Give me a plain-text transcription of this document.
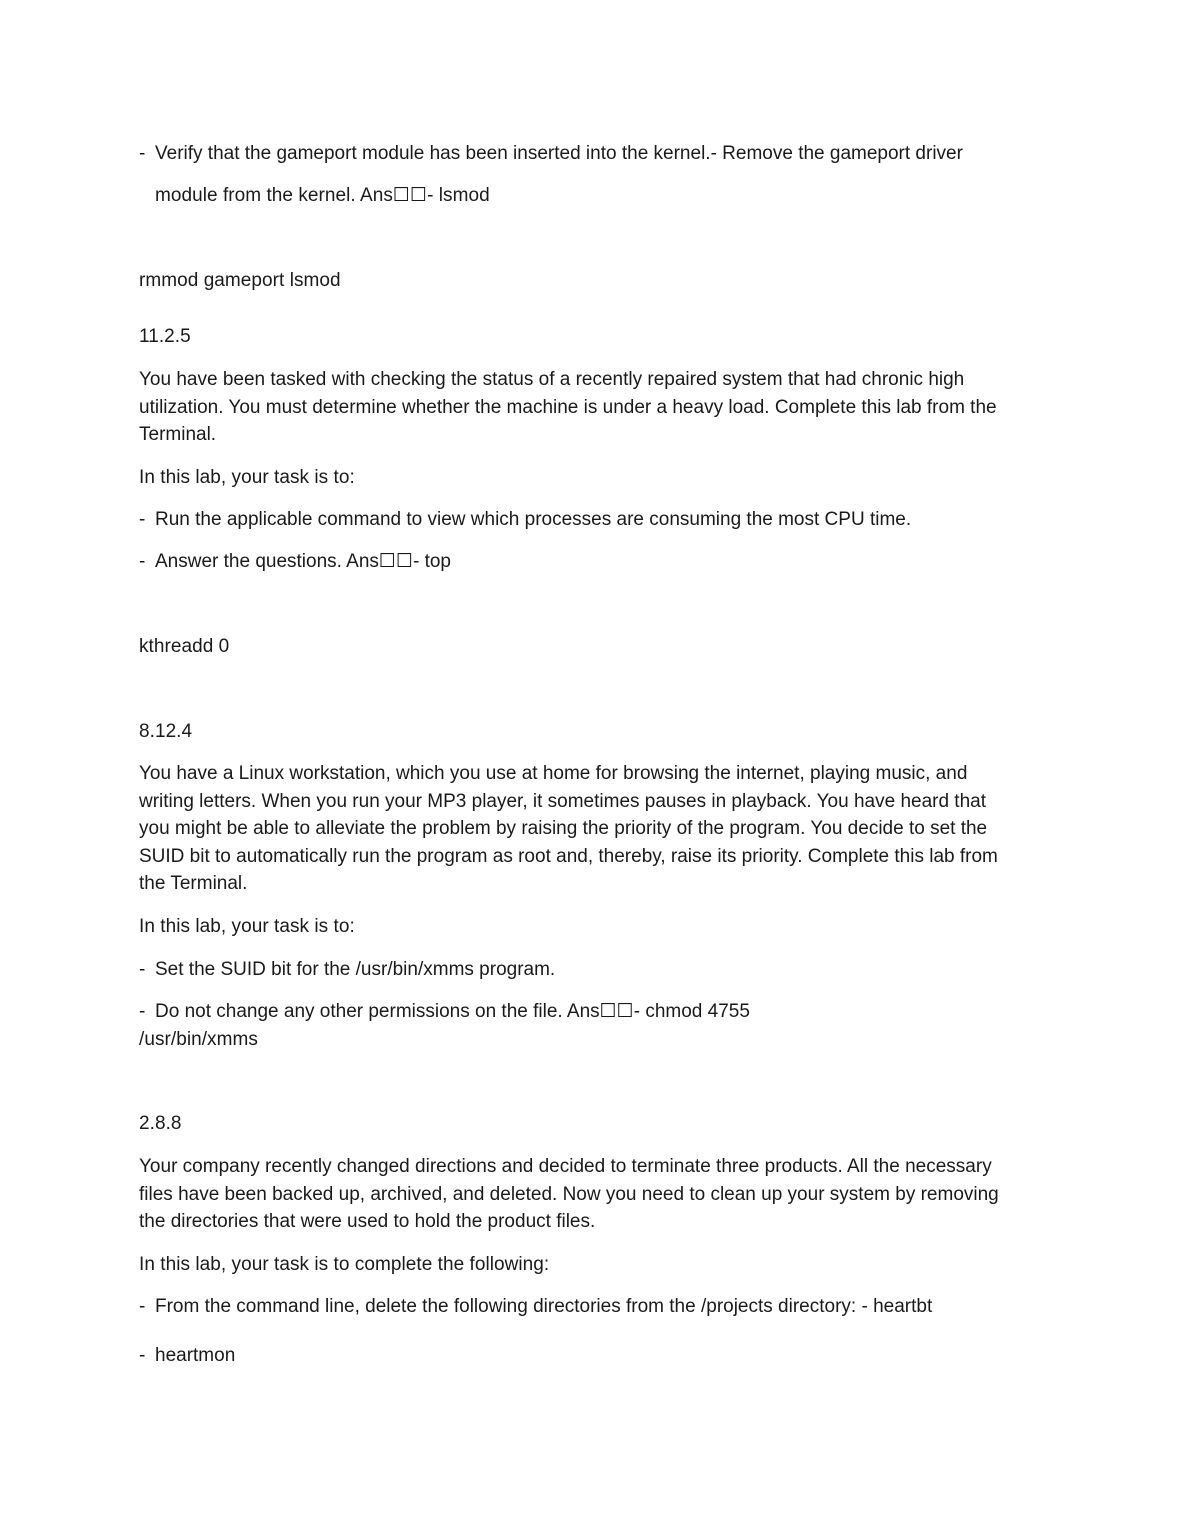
- Verify that the gameport module has been inserted into the kernel.- Remove the gameport driver

module from the kernel. Ans☐☐- lsmod

rmmod gameport lsmod

11.2.5

You have been tasked with checking the status of a recently repaired system that had chronic high
utilization. You must determine whether the machine is under a heavy load. Complete this lab from the
Terminal.

In this lab, your task is to:

- Run the applicable command to view which processes are consuming the most CPU time.
- Answer the questions. Ans☐☐- top

kthreadd 0

8.12.4

You have a Linux workstation, which you use at home for browsing the internet, playing music, and
writing letters. When you run your MP3 player, it sometimes pauses in playback. You have heard that
you might be able to alleviate the problem by raising the priority of the program. You decide to set the
SUID bit to automatically run the program as root and, thereby, raise its priority. Complete this lab from
the Terminal.

In this lab, your task is to:

- Set the SUID bit for the /usr/bin/xmms program.
- Do not change any other permissions on the file. Ans☐☐- chmod 4755

/usr/bin/xmms

2.8.8

Your company recently changed directions and decided to terminate three products. All the necessary
files have been backed up, archived, and deleted. Now you need to clean up your system by removing
the directories that were used to hold the product files.

In this lab, your task is to complete the following:

- From the command line, delete the following directories from the /projects directory: - heartbt
- heartmon
